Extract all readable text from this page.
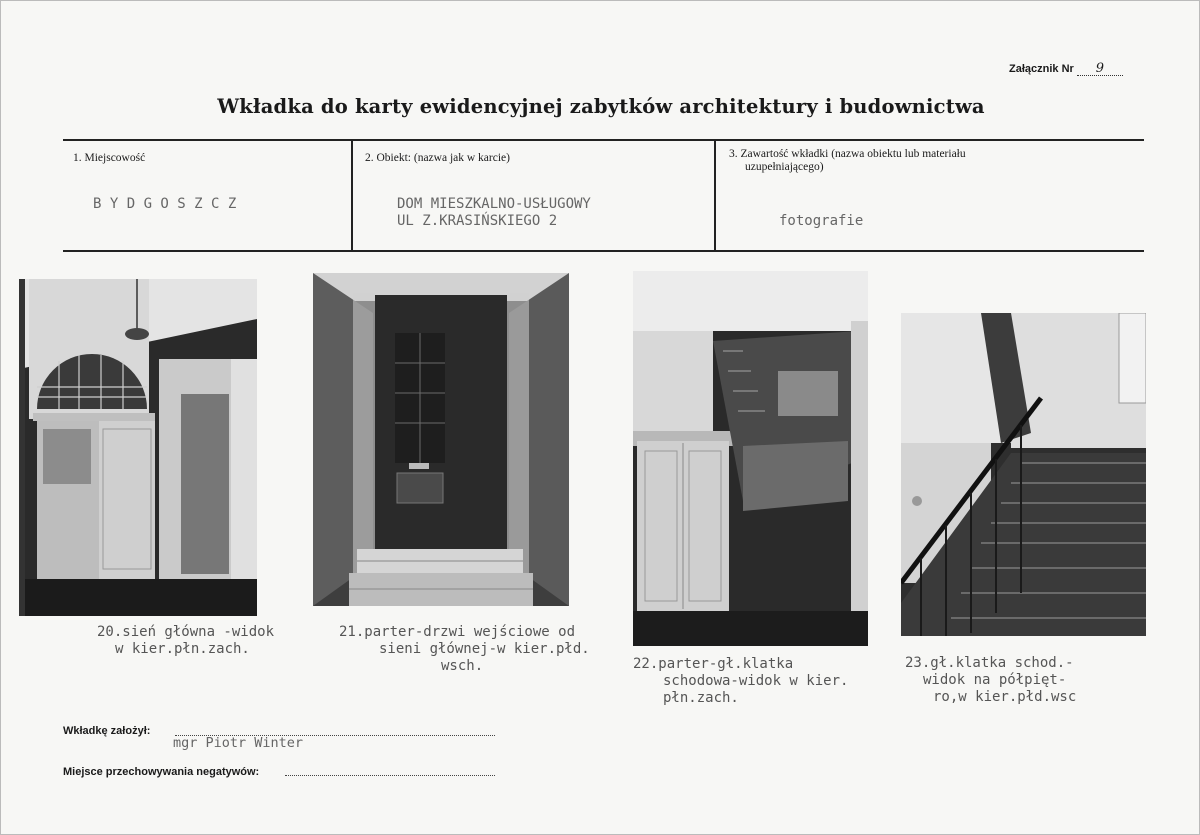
Załącznik Nr 9
Wkładka do karty ewidencyjnej zabytków architektury i budownictwa
1. Miejscowość
B Y D G O S Z C Z
2. Obiekt: (nazwa jak w karcie)
DOM MIESZKALNO-USŁUGOWY
UL Z.KRASIŃSKIEGO 2
3. Zawartość wkładki (nazwa obiektu lub materiału
uzupełniającego)
fotografie
20.sień główna -widok
w kier.płn.zach.
21.parter-drzwi wejściowe od
sieni głównej-w kier.płd.
wsch.	22.parter-gł.klatka
schodowa-widok w kier.
płn.zach.
23.gł.klatka schod.-
widok na półpięt-
ro,w kier.płd.wsc
Wkładkę założył:
mgr Piotr Winter
Miejsce przechowywania negatywów:
